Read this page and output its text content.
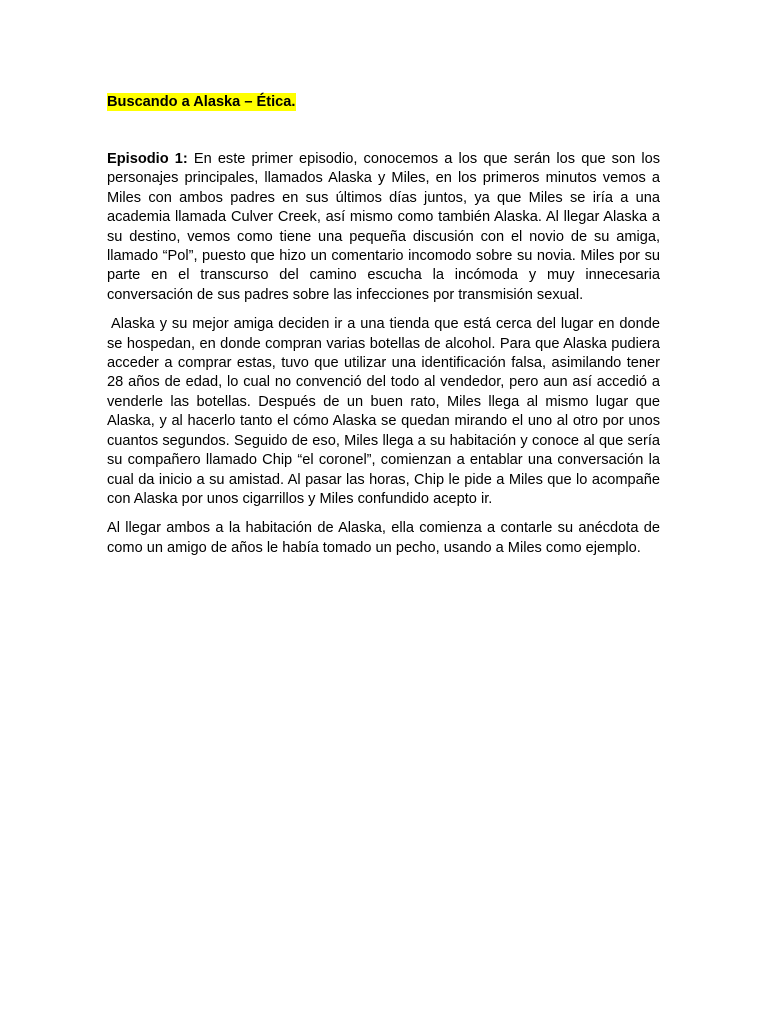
Buscando a Alaska – Ética.

Episodio 1: En este primer episodio, conocemos a los que serán los que son los personajes principales, llamados Alaska y Miles, en los primeros minutos vemos a Miles con ambos padres en sus últimos días juntos, ya que Miles se iría a una academia llamada Culver Creek, así mismo como también Alaska. Al llegar Alaska a su destino, vemos como tiene una pequeña discusión con el novio de su amiga, llamado “Pol”, puesto que hizo un comentario incomodo sobre su novia. Miles por su parte en el transcurso del camino escucha la incómoda y muy innecesaria conversación de sus padres sobre las infecciones por transmisión sexual.

Alaska y su mejor amiga deciden ir a una tienda que está cerca del lugar en donde se hospedan, en donde compran varias botellas de alcohol. Para que Alaska pudiera acceder a comprar estas, tuvo que utilizar una identificación falsa, asimilando tener 28 años de edad, lo cual no convenció del todo al vendedor, pero aun así accedió a venderle las botellas. Después de un buen rato, Miles llega al mismo lugar que Alaska, y al hacerlo tanto el cómo Alaska se quedan mirando el uno al otro por unos cuantos segundos. Seguido de eso, Miles llega a su habitación y conoce al que sería su compañero llamado Chip “el coronel”, comienzan a entablar una conversación la cual da inicio a su amistad. Al pasar las horas, Chip le pide a Miles que lo acompañe con Alaska por unos cigarrillos y Miles confundido acepto ir.

Al llegar ambos a la habitación de Alaska, ella comienza a contarle su anécdota de como un amigo de años le había tomado un pecho, usando a Miles como ejemplo.
